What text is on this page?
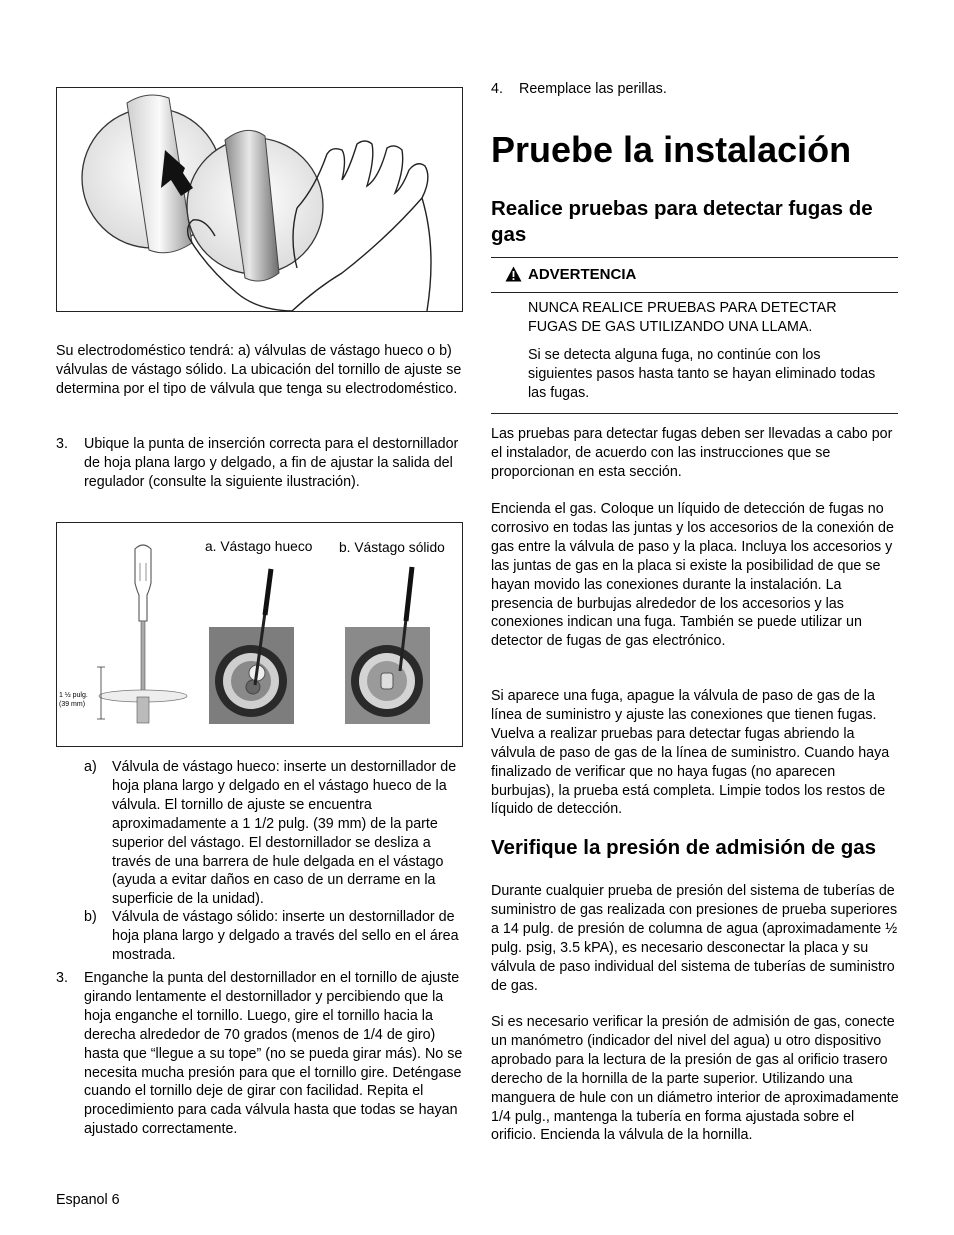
Su electrodoméstico tendrá: a) válvulas de vástago hueco o b) válvulas de vástago sólido. La ubicación del tornillo de ajuste se determina por el tipo de válvula que tenga su electrodoméstico.

3. Ubique la punta de inserción correcta para el destornillador de hoja plana largo y delgado, a fin de ajustar la salida del regulador (consulte la siguiente ilustración).

a. Vástago hueco b. Vástago sólido
1 ½ pulg.
(39 mm)
a) Válvula de vástago hueco: inserte un destornillador de hoja plana largo y delgado en el vástago hueco de la válvula. El tornillo de ajuste se encuentra aproximadamente a 1 1/2 pulg. (39 mm) de la parte superior del vástago. El destornillador se desliza a través de una barrera de hule delgada en el vástago (ayuda a evitar daños en caso de un derrame en la superficie de la unidad).

b) Válvula de vástago sólido: inserte un destornillador de hoja plana largo y delgado a través del sello en el área mostrada.

3. Enganche la punta del destornillador en el tornillo de ajuste girando lentamente el destornillador y percibiendo que la hoja enganche el tornillo. Luego, gire el tornillo hacia la derecha alrededor de 70 grados (menos de 1/4 de giro) hasta que “llegue a su tope” (no se pueda girar más). No se necesita mucha presión para que el tornillo gire. Deténgase cuando el tornillo deje de girar con facilidad. Repita el procedimiento para cada válvula hasta que todas se hayan ajustado correctamente.

Espanol 6
4. Reemplace las perillas.

Pruebe la instalación
Realice pruebas para detectar fugas de gas
ADVERTENCIA

NUNCA REALICE PRUEBAS PARA DETECTAR FUGAS DE GAS UTILIZANDO UNA LLAMA.

Si se detecta alguna fuga, no continúe con los siguientes pasos hasta tanto se hayan eliminado todas las fugas.

Las pruebas para detectar fugas deben ser llevadas a cabo por el instalador, de acuerdo con las instrucciones que se proporcionan en esta sección.

Encienda el gas. Coloque un líquido de detección de fugas no corrosivo en todas las juntas y los accesorios de la conexión de gas entre la válvula de paso y la placa. Incluya los accesorios y las juntas de gas en la placa si existe la posibilidad de que se hayan movido las conexiones durante la instalación. La presencia de burbujas alrededor de los accesorios y las conexiones indican una fuga. También se puede utilizar un detector de fugas de gas electrónico.

Si aparece una fuga, apague la válvula de paso de gas de la línea de suministro y ajuste las conexiones que tienen fugas. Vuelva a realizar pruebas para detectar fugas abriendo la válvula de paso de gas de la línea de suministro. Cuando haya finalizado de verificar que no haya fugas (no aparecen burbujas), la prueba está completa. Limpie todos los restos de líquido de detección.

Verifique la presión de admisión de gas

Durante cualquier prueba de presión del sistema de tuberías de suministro de gas realizada con presiones de prueba superiores a 14 pulg. de presión de columna de agua (aproximadamente ½ pulg. psig, 3.5 kPA), es necesario desconectar la placa y su válvula de paso individual del sistema de tuberías de suministro de gas.

Si es necesario verificar la presión de admisión de gas, conecte un manómetro (indicador del nivel del agua) u otro dispositivo aprobado para la lectura de la presión de gas al orificio trasero derecho de la hornilla de la parte superior. Utilizando una manguera de hule con un diámetro interior de aproximadamente 1/4 pulg., mantenga la tubería en forma ajustada sobre el orificio. Encienda la válvula de la hornilla.
